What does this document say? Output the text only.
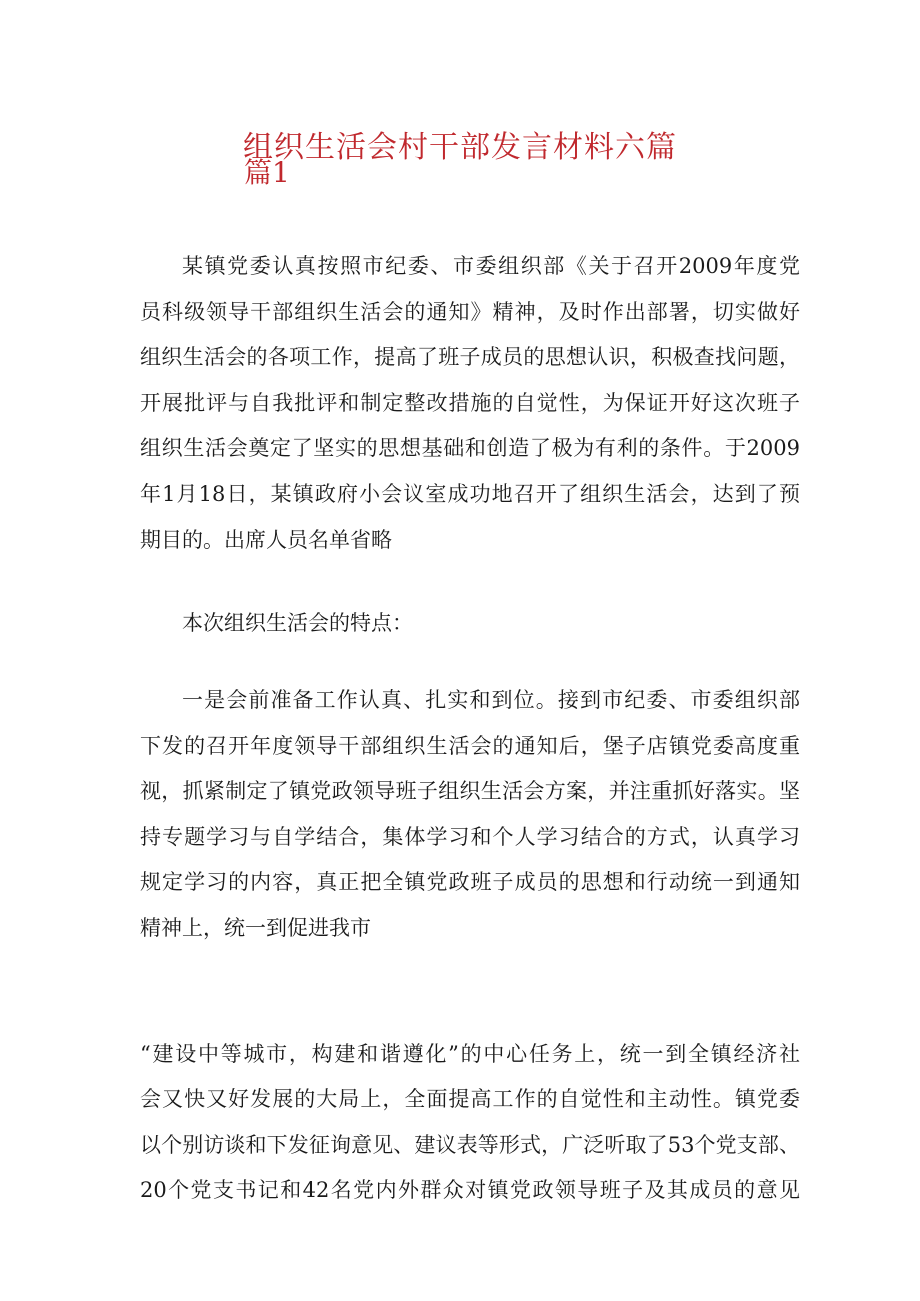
组织生活会村干部发言材料六篇
篇1
某镇党委认真按照市纪委、市委组织部《关于召开2009年度党
员科级领导干部组织生活会的通知》精神，及时作出部署，切实做好
组织生活会的各项工作，提高了班子成员的思想认识，积极查找问题，
开展批评与自我批评和制定整改措施的自觉性，为保证开好这次班子
组织生活会奠定了坚实的思想基础和创造了极为有利的条件。于2009
年1月18日，某镇政府小会议室成功地召开了组织生活会，达到了预
期目的。出席人员名单省略
本次组织生活会的特点：
一是会前准备工作认真、扎实和到位。接到市纪委、市委组织部
下发的召开年度领导干部组织生活会的通知后，堡子店镇党委高度重
视，抓紧制定了镇党政领导班子组织生活会方案，并注重抓好落实。坚
持专题学习与自学结合，集体学习和个人学习结合的方式，认真学习
规定学习的内容，真正把全镇党政班子成员的思想和行动统一到通知
精神上，统一到促进我市
“建设中等城市，构建和谐遵化”的中心任务上，统一到全镇经济社
会又快又好发展的大局上，全面提高工作的自觉性和主动性。镇党委
以个别访谈和下发征询意见、建议表等形式，广泛听取了53个党支部、
20个党支书记和42名党内外群众对镇党政领导班子及其成员的意见
